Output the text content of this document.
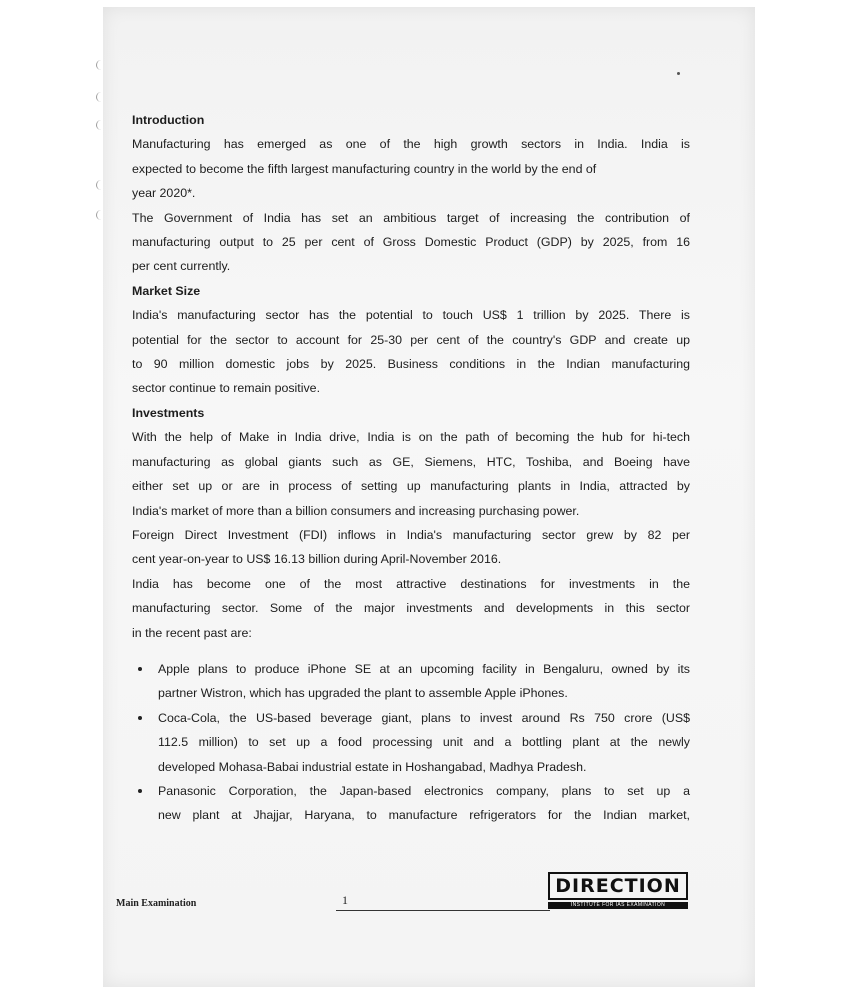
Introduction

Manufacturing has emerged as one of the high growth sectors in India. India is
expected to become the fifth largest manufacturing country in the world by the end of
year 2020*.
The Government of India has set an ambitious target of increasing the contribution of
manufacturing output to 25 per cent of Gross Domestic Product (GDP) by 2025, from 16
per cent currently.

Market Size

India's manufacturing sector has the potential to touch US$ 1 trillion by 2025. There is
potential for the sector to account for 25-30 per cent of the country's GDP and create up
to 90 million domestic jobs by 2025. Business conditions in the Indian manufacturing
sector continue to remain positive.

Investments

With the help of Make in India drive, India is on the path of becoming the hub for hi-tech
manufacturing as global giants such as GE, Siemens, HTC, Toshiba, and Boeing have
either set up or are in process of setting up manufacturing plants in India, attracted by
India's market of more than a billion consumers and increasing purchasing power.
Foreign Direct Investment (FDI) inflows in India's manufacturing sector grew by 82 per
cent year-on-year to US$ 16.13 billion during April-November 2016.
India has become one of the most attractive destinations for investments in the
manufacturing sector. Some of the major investments and developments in this sector
in the recent past are:
Apple plans to produce iPhone SE at an upcoming facility in Bengaluru, owned by its
partner Wistron, which has upgraded the plant to assemble Apple iPhones.
Coca-Cola, the US-based beverage giant, plans to invest around Rs 750 crore (US$
112.5 million) to set up a food processing unit and a bottling plant at the newly
developed Mohasa-Babai industrial estate in Hoshangabad, Madhya Pradesh.
Panasonic Corporation, the Japan-based electronics company, plans to set up a
new plant at Jhajjar, Haryana, to manufacture refrigerators for the Indian market,
Main Examination	1
DIRECTION
INSTITUTE FOR IAS EXAMINATION
